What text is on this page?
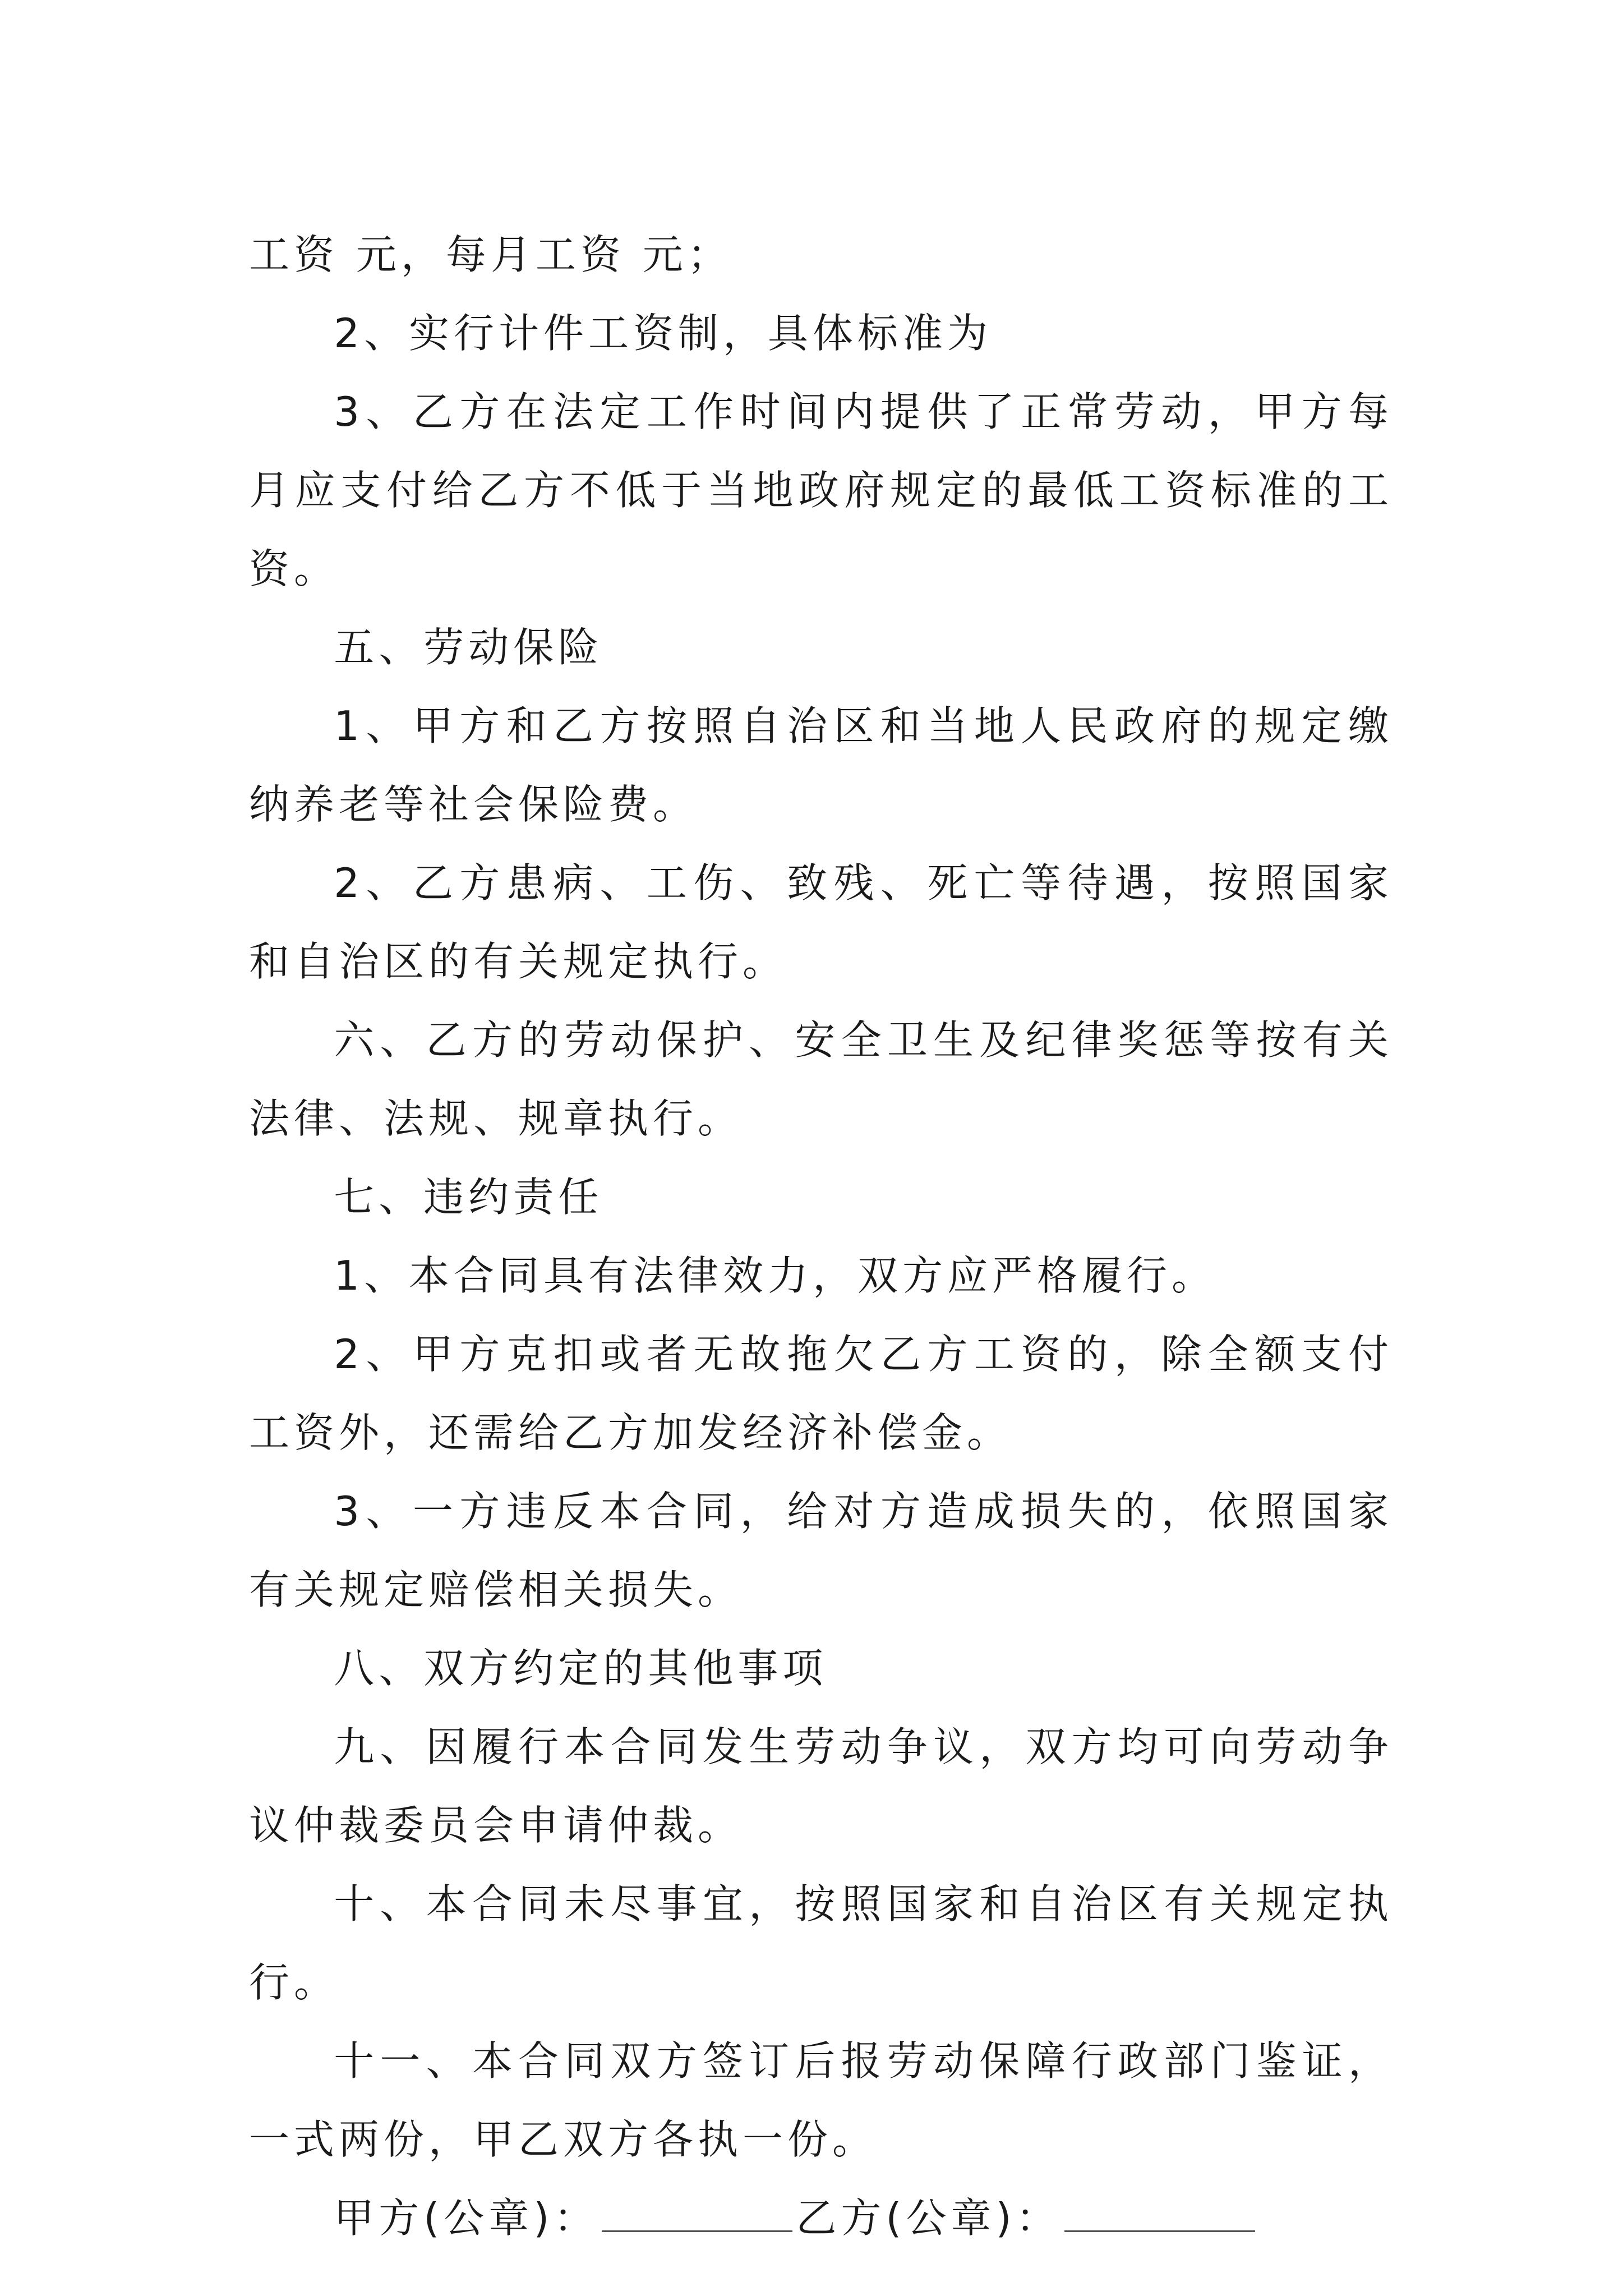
工资 元，每月工资 元；

2、实行计件工资制，具体标准为

3、乙方在法定工作时间内提供了正常劳动，甲方每月应支付给乙方不低于当地政府规定的最低工资标准的工资。

五、劳动保险

1、甲方和乙方按照自治区和当地人民政府的规定缴纳养老等社会保险费。

2、乙方患病、工伤、致残、死亡等待遇，按照国家和自治区的有关规定执行。

六、乙方的劳动保护、安全卫生及纪律奖惩等按有关法律、法规、规章执行。

七、违约责任

1、本合同具有法律效力，双方应严格履行。

2、甲方克扣或者无故拖欠乙方工资的，除全额支付工资外，还需给乙方加发经济补偿金。

3、一方违反本合同，给对方造成损失的，依照国家有关规定赔偿相关损失。

八、双方约定的其他事项

九、因履行本合同发生劳动争议，双方均可向劳动争议仲裁委员会申请仲裁。

十、本合同未尽事宜，按照国家和自治区有关规定执行。

十一、本合同双方签订后报劳动保障行政部门鉴证，一式两份，甲乙双方各执一份。

甲方(公章)：	乙方(公章)：
